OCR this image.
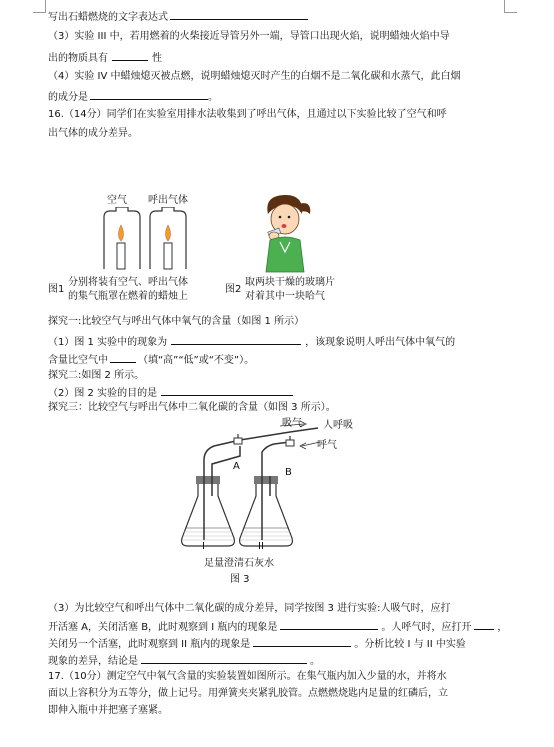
写出石蜡燃烧的文字表达式
（3）实验 III 中，若用燃着的火柴接近导管另外一端，导管口出现火焰，说明蜡烛火焰中导
出的物质具有	性
（4）实验 IV 中蜡烛熄灭被点燃，说明蜡烛熄灭时产生的白烟不是二氧化碳和水蒸气，此白烟
的成分是	。
16.（14分）同学们在实验室用排水法收集到了呼出气体，且通过以下实验比较了空气和呼
出气体的成分差异。
空气 呼出气体
图1
分别将装有空气、呼出气体
的集气瓶罩在燃着的蜡烛上
图2
取两块干燥的玻璃片
对着其中一块哈气
探究一:比较空气与呼出气体中氧气的含量（如图 1 所示）
（1）图 1 实验中的现象为	，该现象说明人呼出气体中氧气的
含量比空气中	（填“高”“低”或“不变”）。
探究二:如图 2 所示。
（2）图 2 实验的目的是
探究三：比较空气与呼出气体中二氧化碳的含量（如图 3 所示）。
吸气 人呼吸
呼气
A
B
I	II
足量澄清石灰水
图 3
（3）为比较空气和呼出气体中二氧化碳的成分差异，同学按图 3 进行实验:人吸气时，应打
开活塞 A，关闭活塞 B，此时观察到 I 瓶内的现象是	。人呼气时，应打开	，
关闭另一个活塞，此时观察到 II 瓶内的现象是	。分析比较 I 与 II 中实验
现象的差异，结论是	。
17.（10分）测定空气中氧气含量的实验装置如图所示。在集气瓶内加入少量的水，并将水
面以上容积分为五等分，做上记号。用弹簧夹夹紧乳胶管。点燃燃烧匙内足量的红磷后，立
即伸入瓶中并把塞子塞紧。
